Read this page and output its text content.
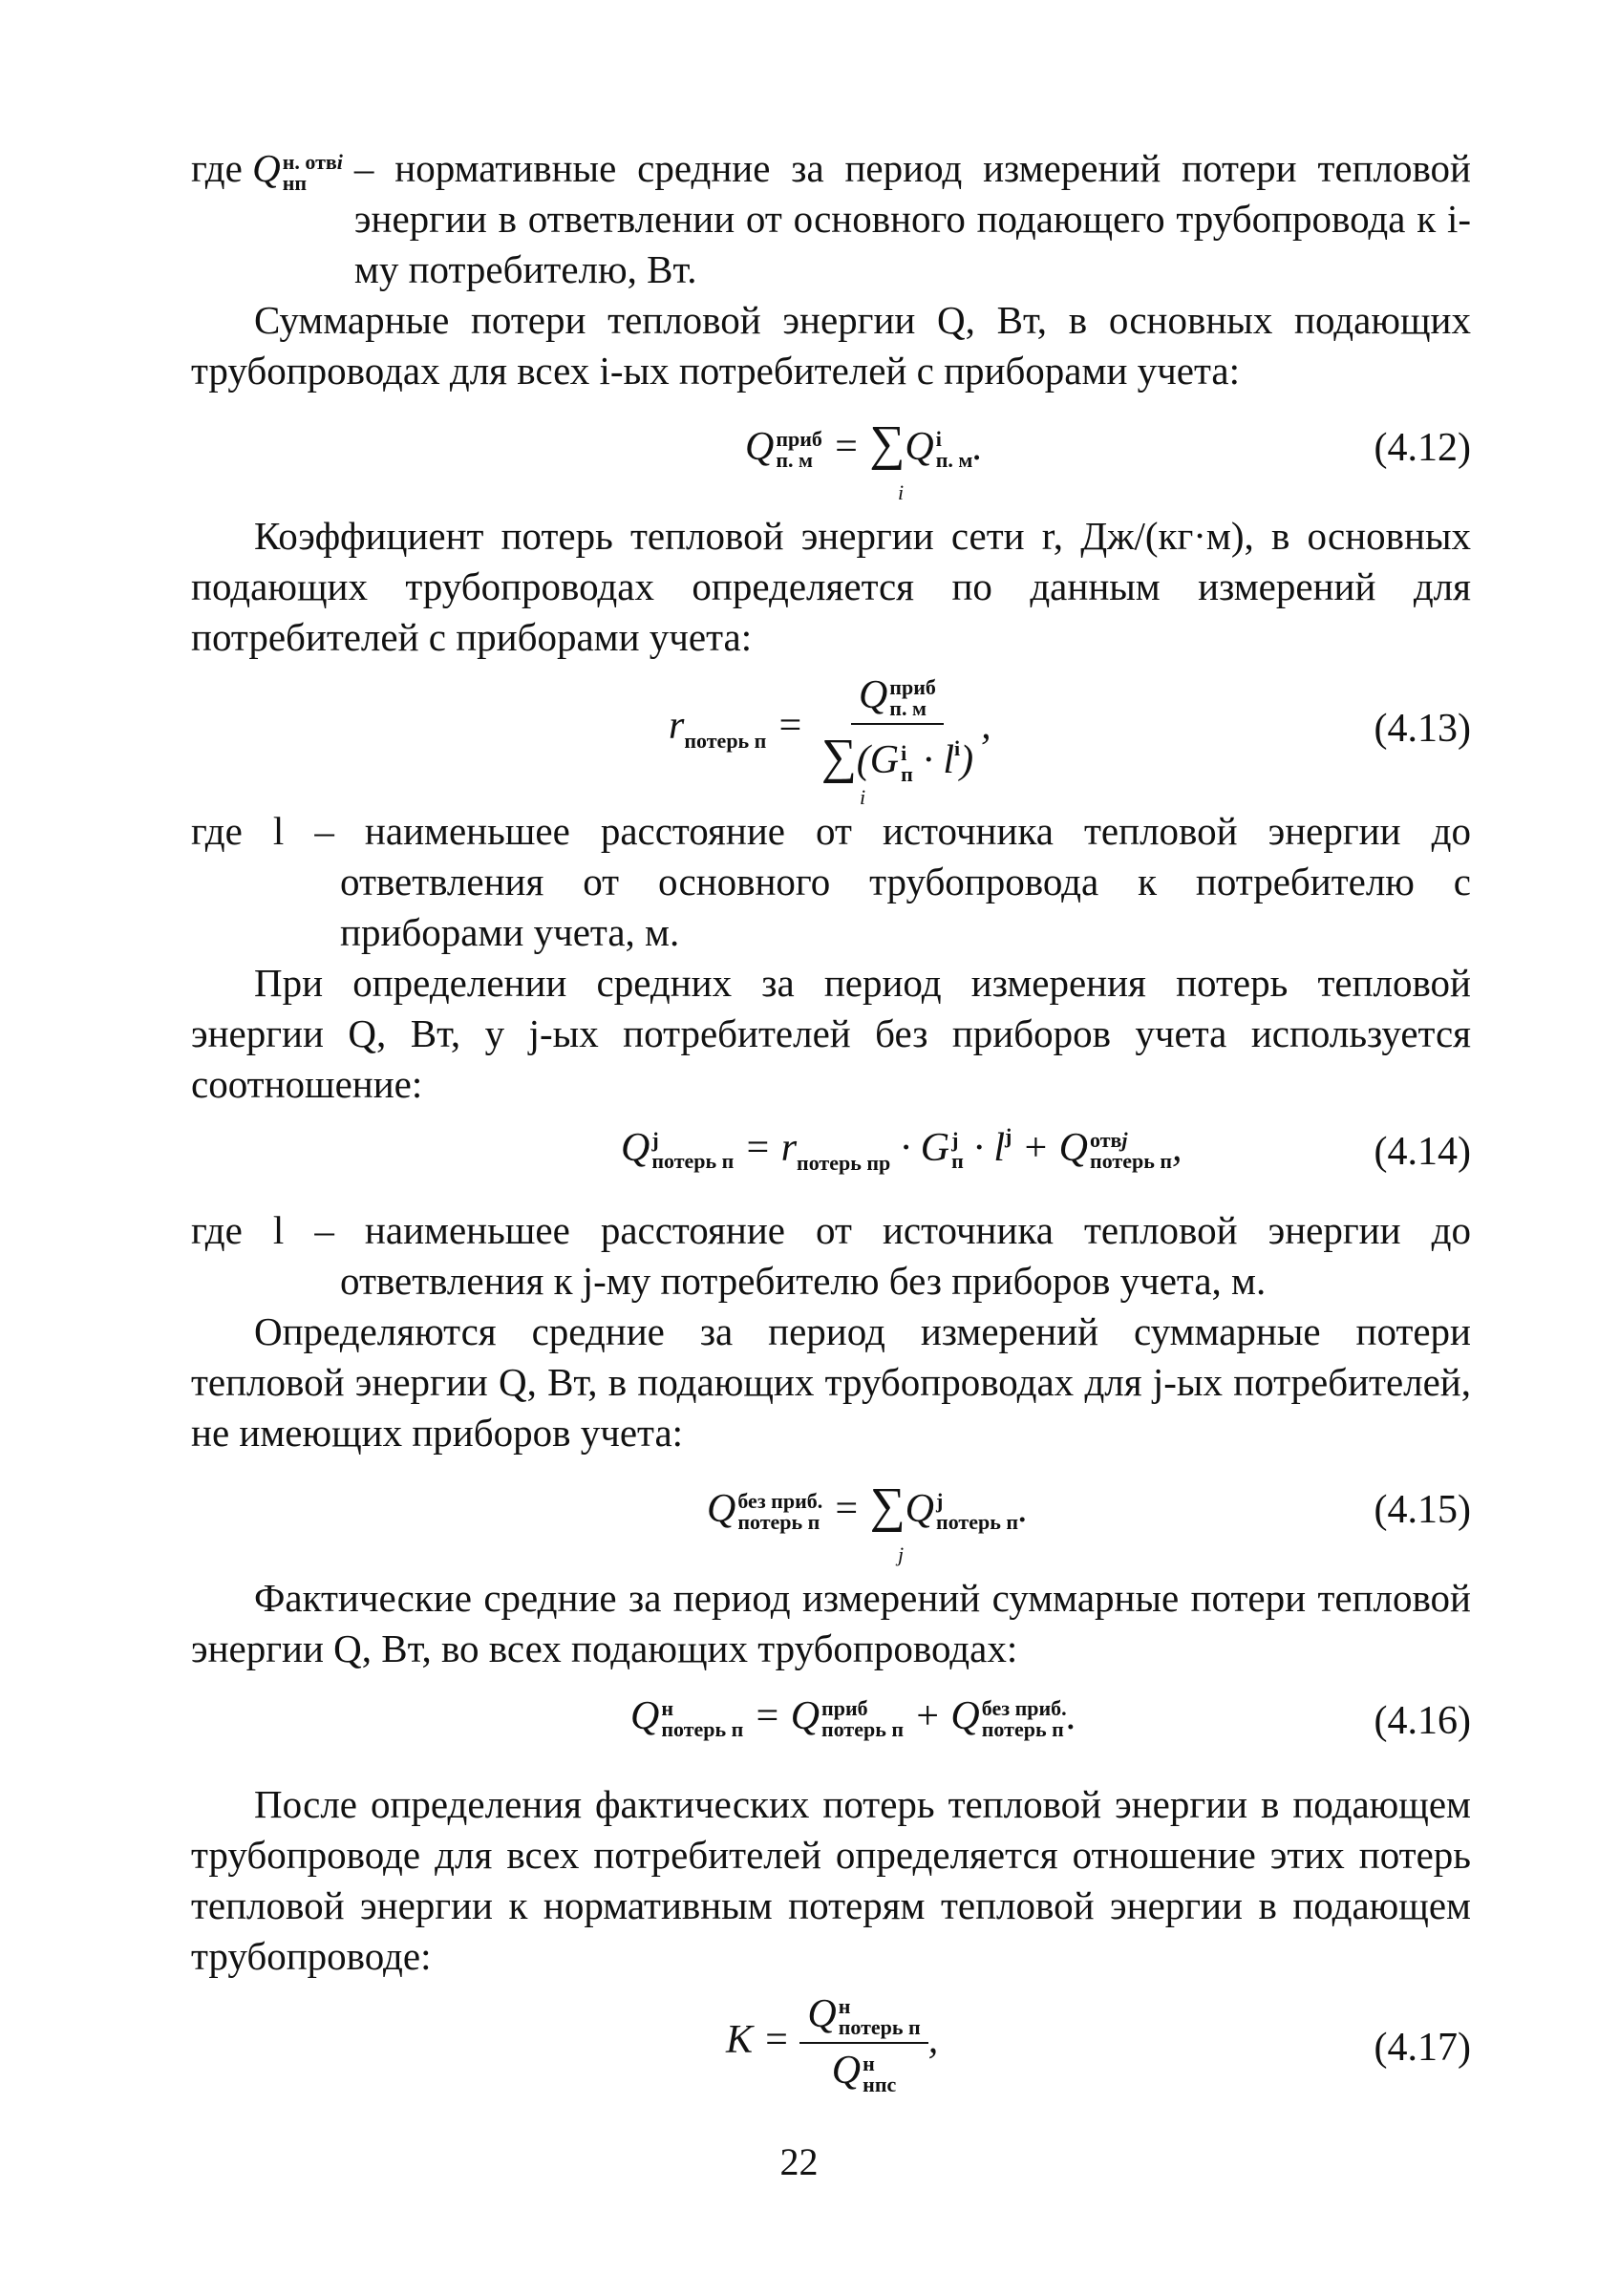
где Q н. отвi
нп	– нормативные средние за период измерений потери тепловой энергии в ответвлении от основного подающего трубопровода к i-му потребителю, Вт.

Суммарные потери тепловой энергии Q, Вт, в основных подающих трубопроводах для всех i-ых потребителей с приборами учета:

Q приб
п. м = ∑Q i
п. м .
i
(4.12)

Коэффициент потерь тепловой энергии сети r, Дж/(кг·м), в основных подающих трубопроводах определяется по данным измерений для потребителей с приборами учета:

$r_{потерь п} = Q$ приб
п. м
∑(G i
$п \cdot l^i$) ,
i
(4.13)

где l – наименьшее расстояние от источника тепловой энергии до ответвления от основного трубопровода к потребителю с приборами учета, м.

При определении средних за период измерения потерь тепловой энергии Q, Вт, у j-ых потребителей без приборов учета используется соотношение:

Q j
потерь $п = r_{потерь пр} \cdot G$ j
$п \cdot l^j + Q$ отвj
потерь п ,	(4.14)

где l – наименьшее расстояние от источника тепловой энергии до ответвления к j-му потребителю без приборов учета, м.

Определяются средние за период измерений суммарные потери тепловой энергии Q, Вт, в подающих трубопроводах для j-ых потребителей, не имеющих приборов учета:

Q без приб.
потерь п = ∑Q j
потерь п .
j
(4.15)

Фактические средние за период измерений суммарные потери тепловой энергии Q, Вт, во всех подающих трубопроводах:

Q н
потерь п = Q приб
потерь п + Q без приб.
потерь п .	(4.16)

После определения фактических потерь тепловой энергии в подающем трубопроводе для всех потребителей определяется отношение этих потерь тепловой энергии к нормативным потерям тепловой энергии в подающем трубопроводе:

K = Q н
потерь п
Q н
нпс ,	(4.17)
22
